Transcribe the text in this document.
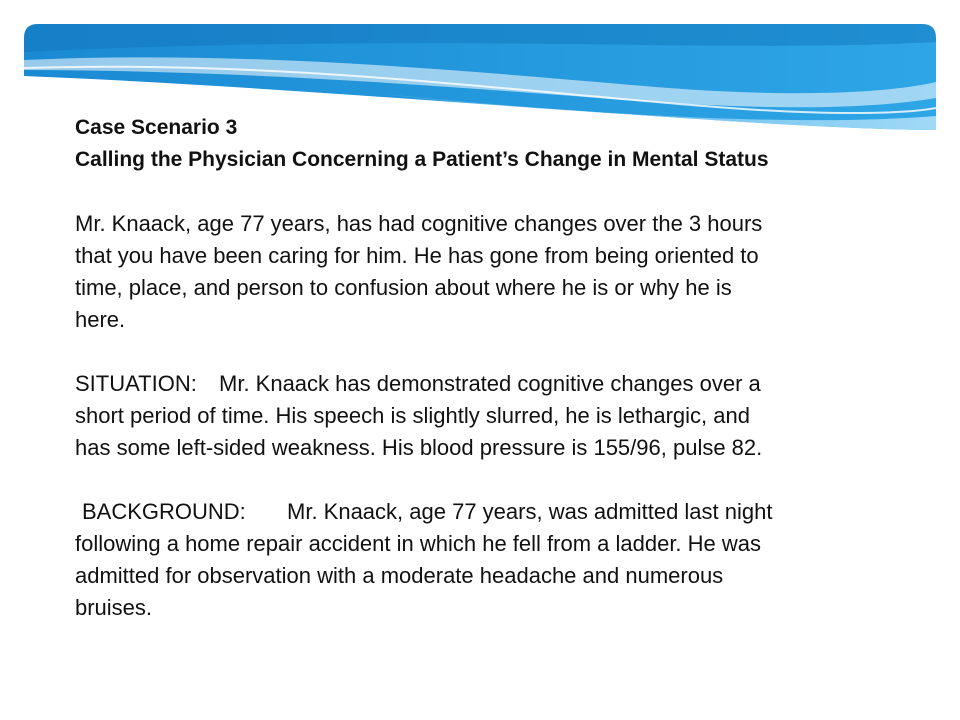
Case Scenario 3
Calling the Physician Concerning a Patient’s Change in Mental Status
Mr. Knaack, age 77 years, has had cognitive changes over the 3 hours
that you have been caring for him. He has gone from being oriented to
time, place, and person to confusion about where he is or why he is
here.
SITUATION: Mr. Knaack has demonstrated cognitive changes over a
short period of time. His speech is slightly slurred, he is lethargic, and
has some left-sided weakness. His blood pressure is 155/96, pulse 82.
BACKGROUND: Mr. Knaack, age 77 years, was admitted last night
following a home repair accident in which he fell from a ladder. He was
admitted for observation with a moderate headache and numerous
bruises.
